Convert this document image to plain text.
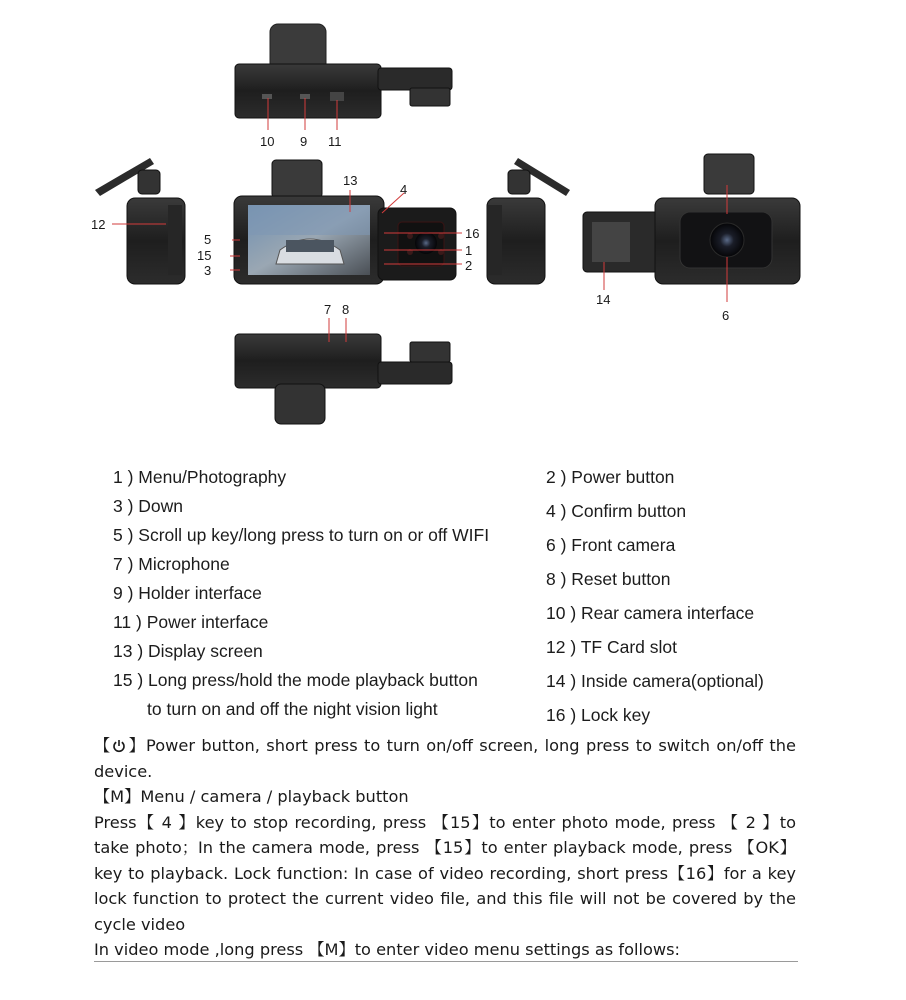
10 9 11
13
4
12
5
15
3
16
1
2
14
6
7 8
1 ) Menu/Photography
3 ) Down
5 ) Scroll up key/long press to turn on or off WIFI
7 ) Microphone
9 ) Holder interface
11 ) Power interface
13 ) Display screen
15 ) Long press/hold the mode playback button
to turn on and off the night vision light
2 ) Power button
4 ) Confirm button
6 ) Front camera
8 ) Reset button
10 ) Rear camera interface
12 ) TF Card slot
14 ) Inside camera(optional)
16 ) Lock key

【 】Power button, short press to turn on/off screen, long press to switch on/off the device.

【M】Menu / camera / playback button

Press【 4 】key to stop recording, press 【15】to enter photo mode, press 【 2 】to take photo；In the camera mode, press 【15】to enter playback mode, press 【OK】key to playback. Lock function: In case of video recording, short press【16】for a key lock function to protect the current video file, and this file will not be covered by the cycle video

In video mode ,long press 【M】to enter video menu settings as follows:
